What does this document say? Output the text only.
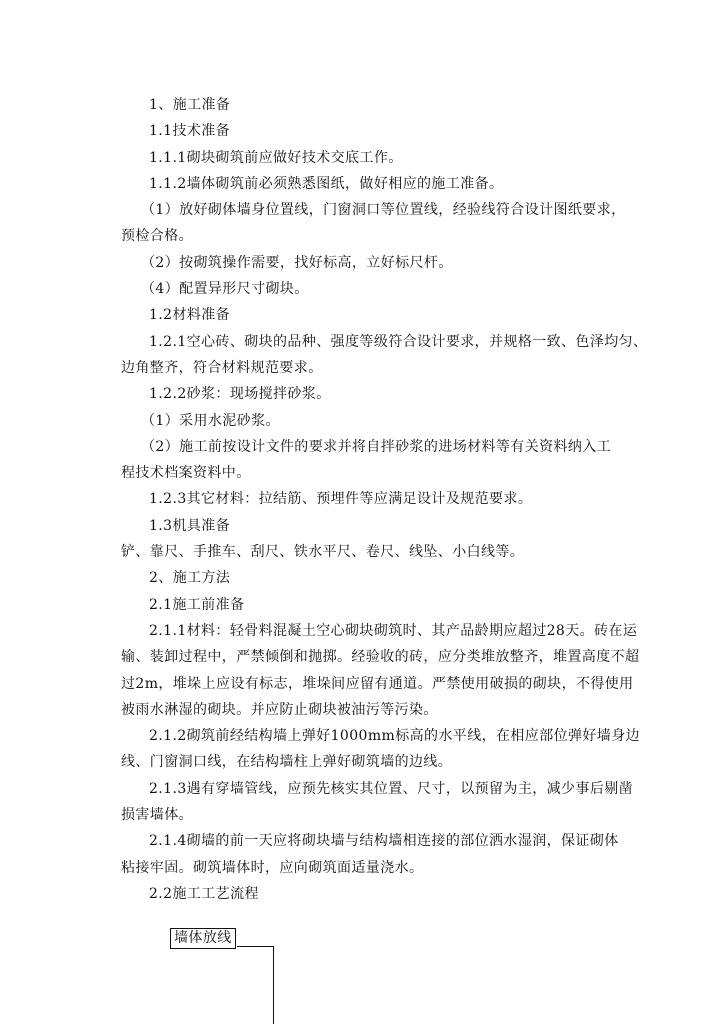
1、施工准备
1.1技术准备
1.1.1砌块砌筑前应做好技术交底工作。
1.1.2墙体砌筑前必须熟悉图纸，做好相应的施工准备。
（1）放好砌体墙身位置线，门窗洞口等位置线，经验线符合设计图纸要求，
预检合格。
（2）按砌筑操作需要，找好标高，立好标尺杆。
（4）配置异形尺寸砌块。
1.2材料准备
1.2.1空心砖、砌块的品种、强度等级符合设计要求，并规格一致、色泽均匀、
边角整齐，符合材料规范要求。
1.2.2砂浆：现场搅拌砂浆。
（1）采用水泥砂浆。
（2）施工前按设计文件的要求并将自拌砂浆的进场材料等有关资料纳入工
程技术档案资料中。
1.2.3其它材料：拉结筋、预埋件等应满足设计及规范要求。
1.3机具准备
铲、靠尺、手推车、刮尺、铁水平尺、卷尺、线坠、小白线等。
2、施工方法
2.1施工前准备
2.1.1材料：轻骨料混凝土空心砌块砌筑时、其产品龄期应超过28天。砖在运
输、装卸过程中，严禁倾倒和抛掷。经验收的砖，应分类堆放整齐，堆置高度不超
过2m，堆垛上应设有标志，堆垛间应留有通道。严禁使用破损的砌块，不得使用
被雨水淋湿的砌块。并应防止砌块被油污等污染。
2.1.2砌筑前经结构墙上弹好1000mm标高的水平线，在相应部位弹好墙身边
线、门窗洞口线，在结构墙柱上弹好砌筑墙的边线。
2.1.3遇有穿墙管线，应预先核实其位置、尺寸，以预留为主，减少事后剔凿
损害墙体。
2.1.4砌墙的前一天应将砌块墙与结构墙相连接的部位洒水湿润，保证砌体
粘接牢固。砌筑墙体时，应向砌筑面适量浇水。
2.2施工工艺流程
墙体放线
